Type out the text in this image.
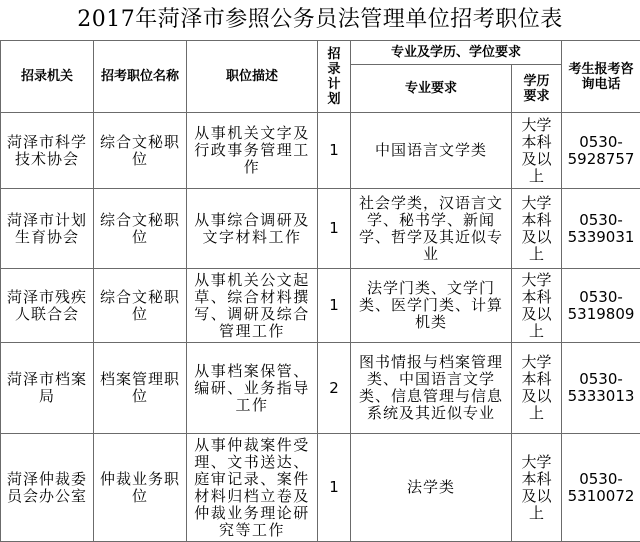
2017年菏泽市参照公务员法管理单位招考职位表
招录机关	招考职位名称	职位描述	招录计划	专业及学历、学位要求		考生报考咨询电话
				专业要求	学历要求	
菏泽市科学技术协会	综合文秘职位	从事机关文字及行政事务管理工作	1	中国语言文学类	大学本科及以上	0530-5928757
菏泽市计划生育协会	综合文秘职位	从事综合调研及文字材料工作	1	社会学类，汉语言文学、秘书学、新闻学、哲学及其近似专业	大学本科及以上	0530-5339031
菏泽市残疾人联合会	综合文秘职位	从事机关公文起草、综合材料撰写、调研及综合管理工作	1	法学门类、文学门类、医学门类、计算机类	大学本科及以上	0530-5319809
菏泽市档案局	档案管理职位	从事档案保管、编研、业务指导工作	2	图书情报与档案管理类、中国语言文学类、信息管理与信息系统及其近似专业	大学本科及以上	0530-5333013
菏泽仲裁委员会办公室	仲裁业务职位	从事仲裁案件受理、文书送达、庭审记录、案件材料归档立卷及仲裁业务理论研究等工作	1	法学类	大学本科及以上	0530-5310072
